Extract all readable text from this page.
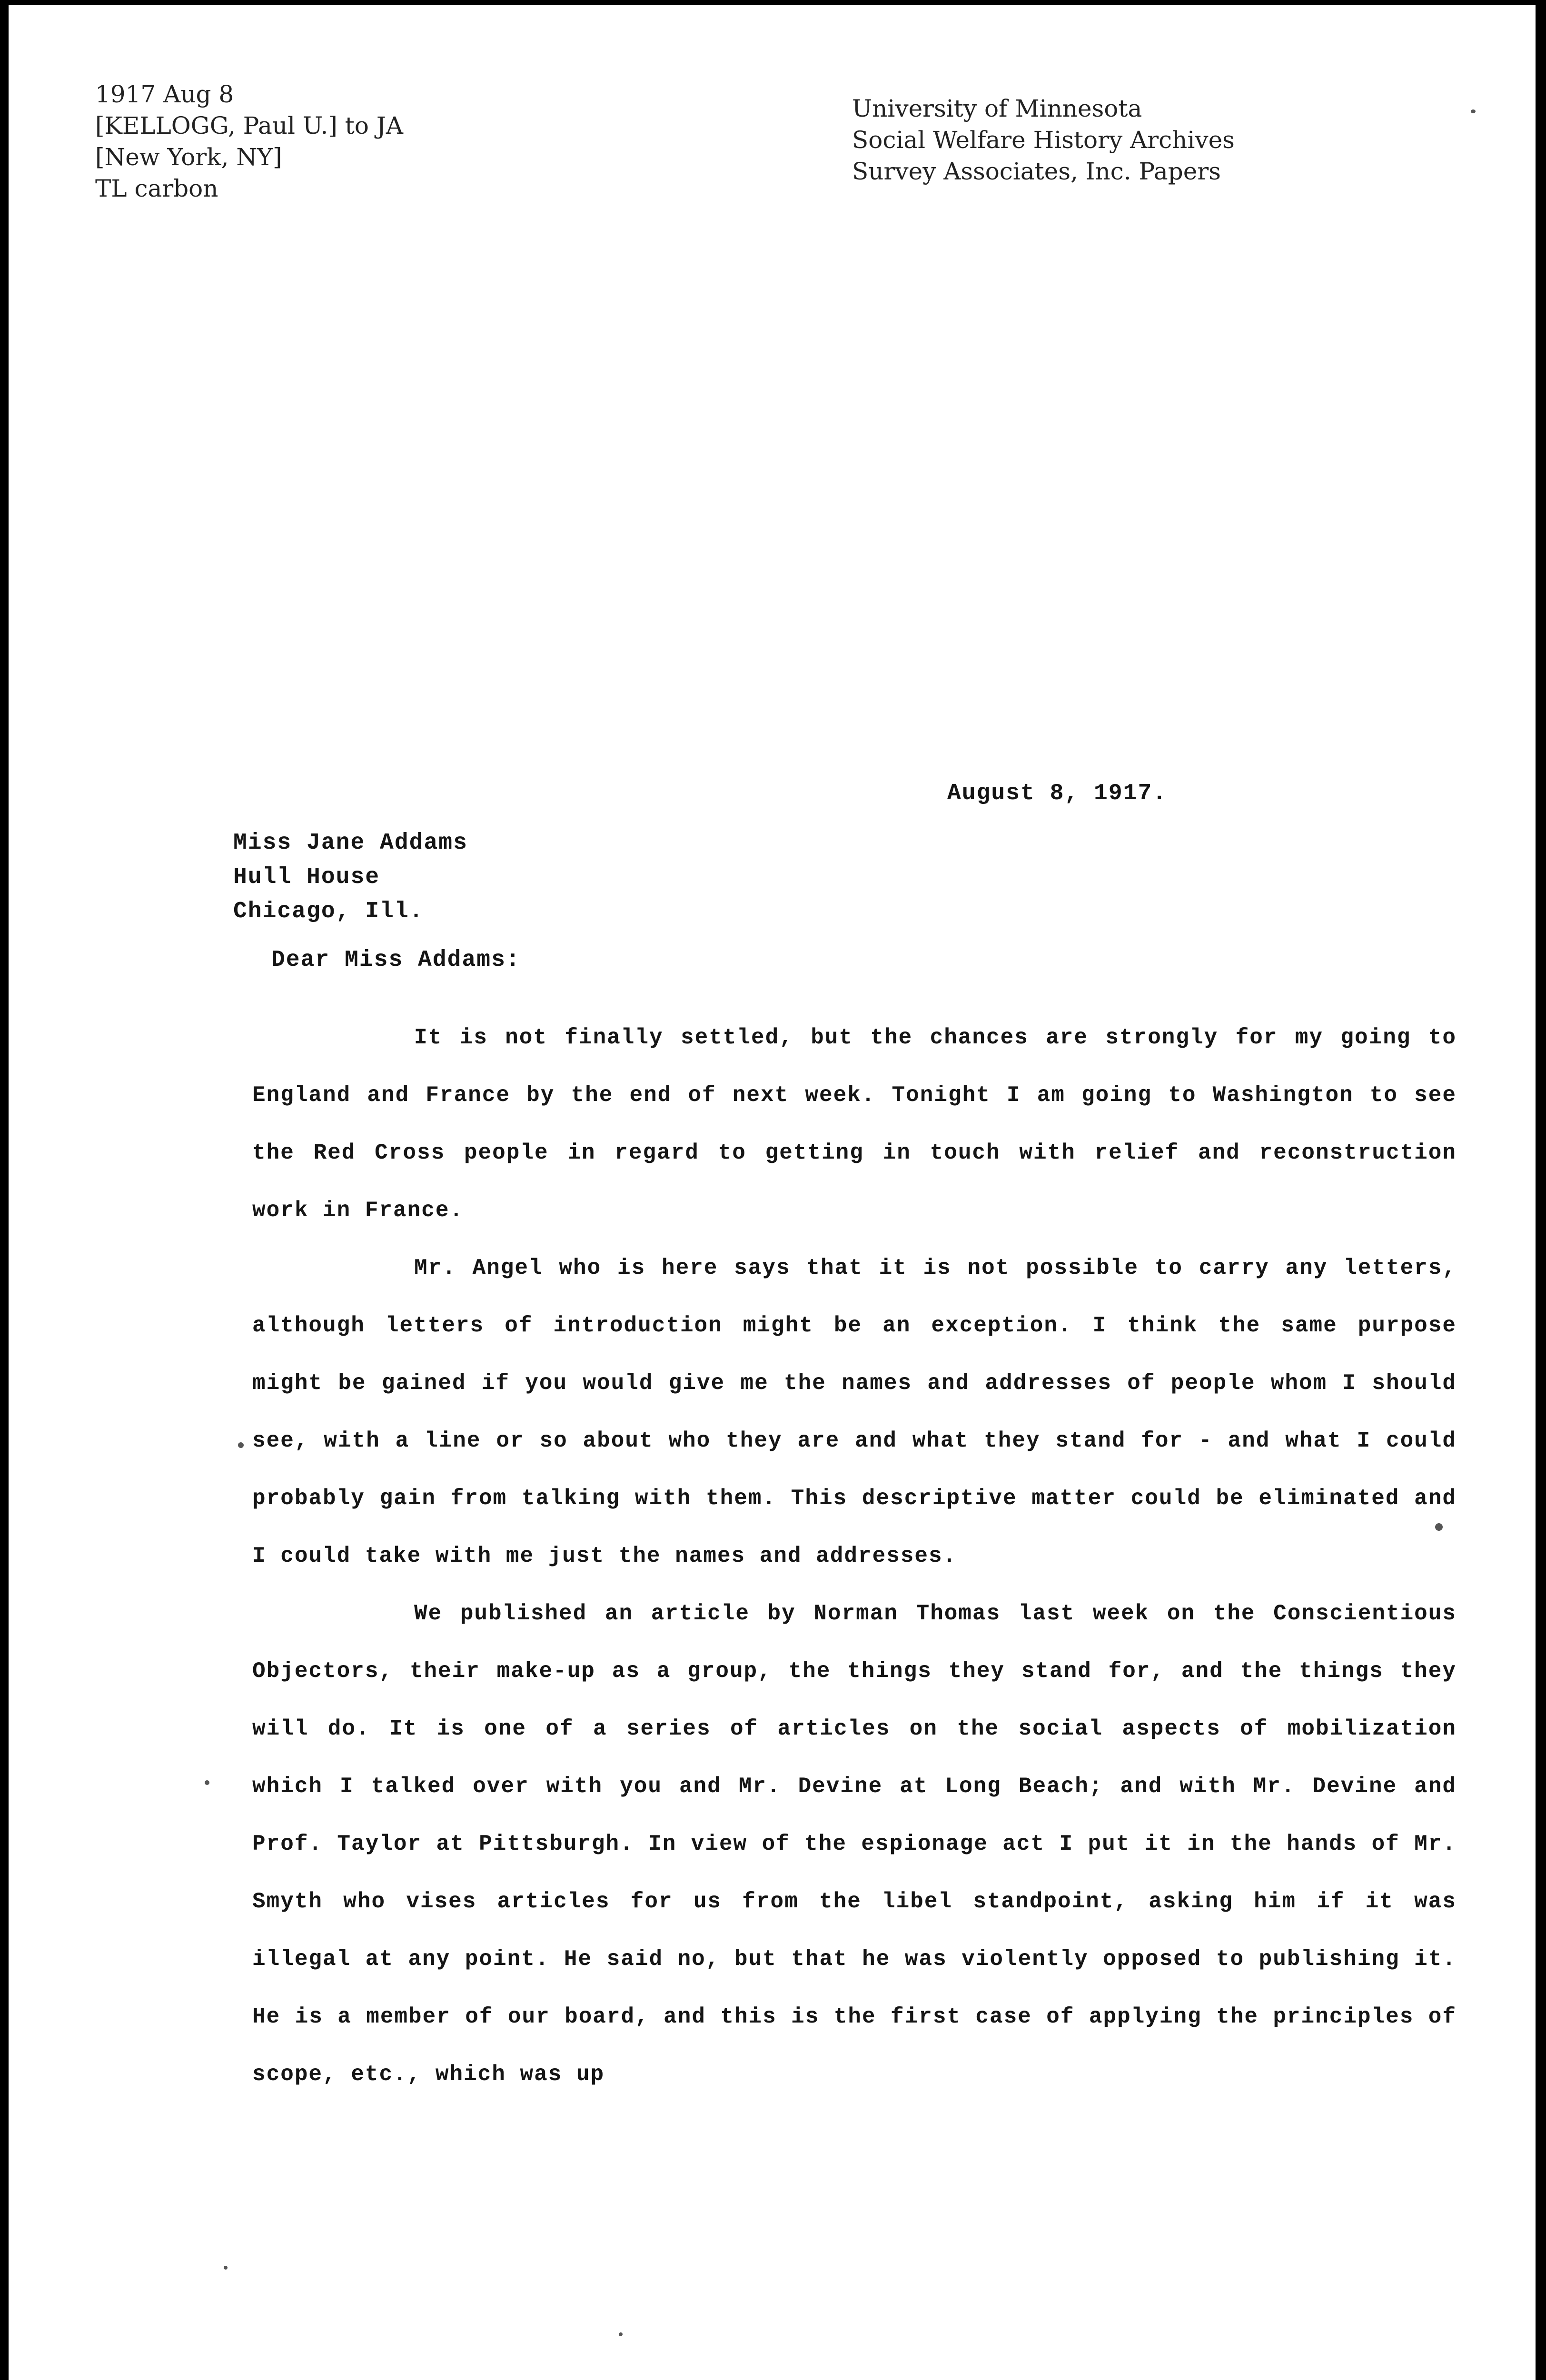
1917 Aug 8
[KELLOGG, Paul U.] to JA
[New York, NY]
TL carbon
University of Minnesota
Social Welfare History Archives
Survey Associates, Inc. Papers
August 8, 1917.
Miss Jane Addams
Hull House
Chicago, Ill.
Dear Miss Addams:

It is not finally settled, but the chances are strongly for my going to England and France by the end of next week. Tonight I am going to Washington to see the Red Cross people in regard to getting in touch with relief and reconstruction work in France.

Mr. Angel who is here says that it is not possible to carry any letters, although letters of introduction might be an exception. I think the same purpose might be gained if you would give me the names and addresses of people whom I should see, with a line or so about who they are and what they stand for - and what I could probably gain from talking with them. This descriptive matter could be eliminated and I could take with me just the names and addresses.

We published an article by Norman Thomas last week on the Conscientious Objectors, their make-up as a group, the things they stand for, and the things they will do. It is one of a series of articles on the social aspects of mobilization which I talked over with you and Mr. Devine at Long Beach; and with Mr. Devine and Prof. Taylor at Pittsburgh. In view of the espionage act I put it in the hands of Mr. Smyth who vises articles for us from the libel standpoint, asking him if it was illegal at any point. He said no, but that he was violently opposed to publishing it. He is a member of our board, and this is the first case of applying the principles of scope, etc., which was up
